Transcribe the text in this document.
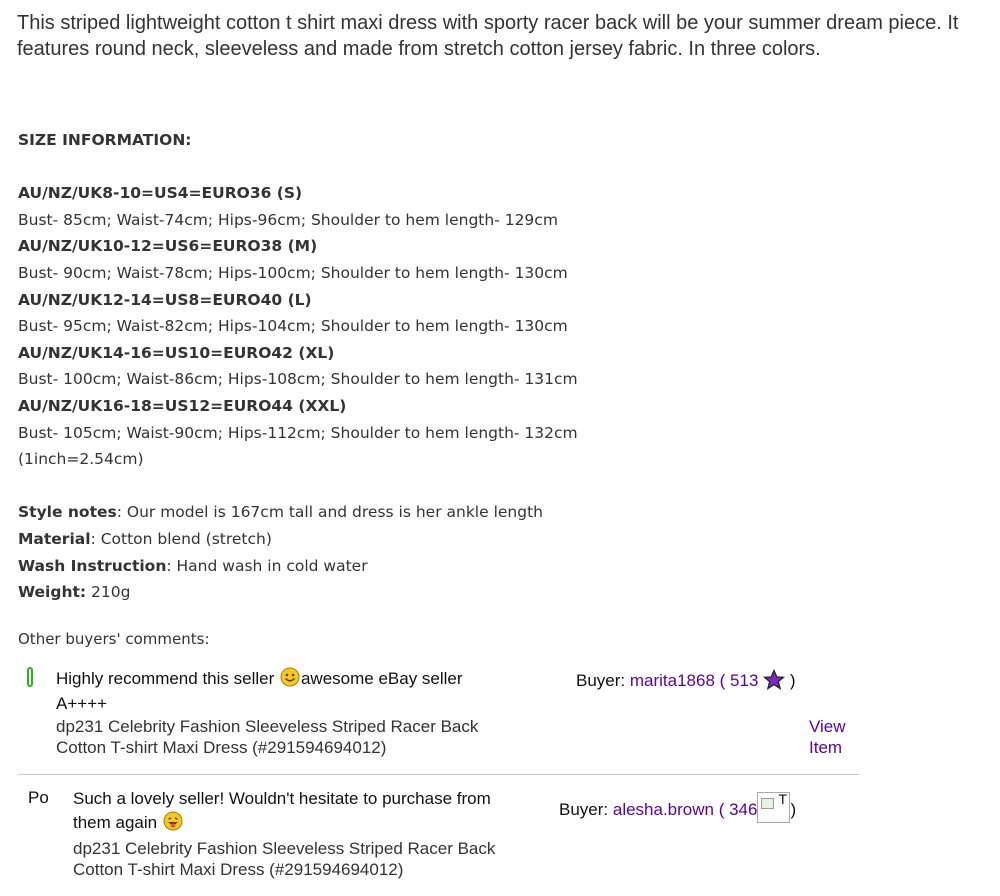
This striped lightweight cotton t shirt maxi dress with sporty racer back will be your summer dream piece. It features round neck, sleeveless and made from stretch cotton jersey fabric. In three colors.
SIZE INFORMATION:
AU/NZ/UK8-10=US4=EURO36 (S)
Bust- 85cm; Waist-74cm; Hips-96cm; Shoulder to hem length- 129cm
AU/NZ/UK10-12=US6=EURO38 (M)
Bust- 90cm; Waist-78cm; Hips-100cm; Shoulder to hem length- 130cm
AU/NZ/UK12-14=US8=EURO40 (L)
Bust- 95cm; Waist-82cm; Hips-104cm; Shoulder to hem length- 130cm
AU/NZ/UK14-16=US10=EURO42 (XL)
Bust- 100cm; Waist-86cm; Hips-108cm; Shoulder to hem length- 131cm
AU/NZ/UK16-18=US12=EURO44 (XXL)
Bust- 105cm; Waist-90cm; Hips-112cm; Shoulder to hem length- 132cm
(1inch=2.54cm)
Style notes: Our model is 167cm tall and dress is her ankle length
Material: Cotton blend (stretch)
Wash Instruction: Hand wash in cold water
Weight: 210g
Other buyers' comments:
Highly recommend this seller awesome eBay seller
A++++
dp231 Celebrity Fashion Sleeveless Striped Racer Back
Cotton T-shirt Maxi Dress (#291594694012)
Buyer: marita1868 ( 513  )
View
Item
Po Such a lovely seller! Wouldn't hesitate to purchase from
them again
dp231 Celebrity Fashion Sleeveless Striped Racer Back
Cotton T-shirt Maxi Dress (#291594694012)
Buyer: alesha.brown ( 346
T
)
